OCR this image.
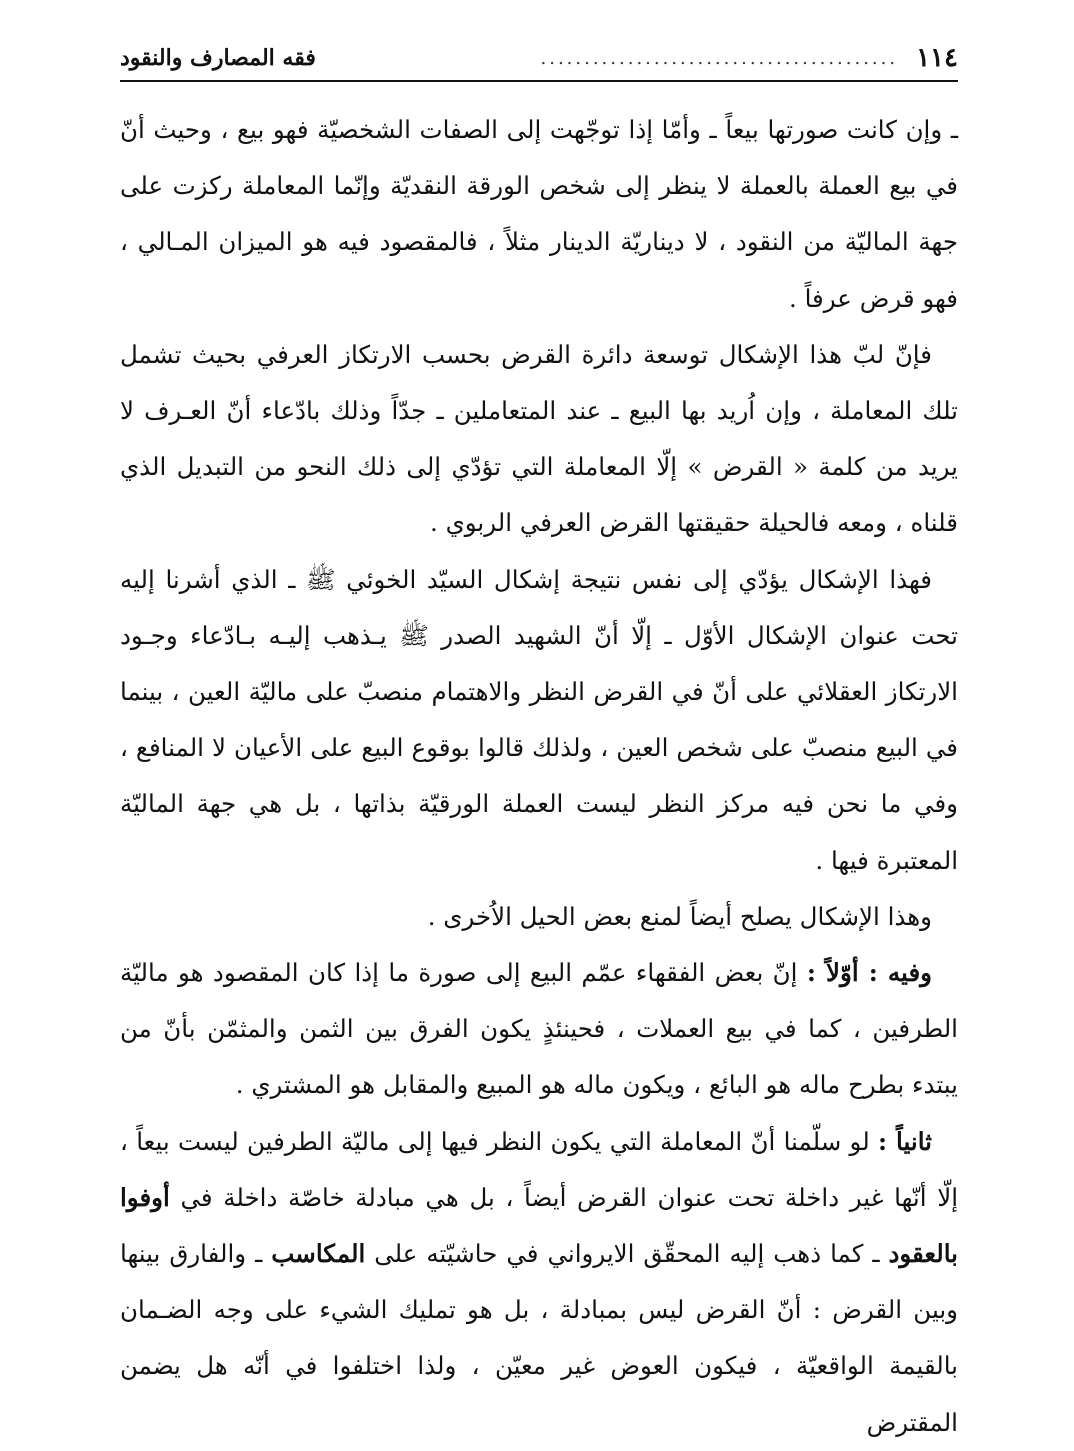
١١٤
.........................................
فقه المصارف والنقود

ـ وإن كانت صورتها بيعاً ـ وأمّا إذا توجّهت إلى الصفات الشخصيّة فهو بيع ، وحيث أنّ في بيع العملة بالعملة لا ينظر إلى شخص الورقة النقديّة وإنّما المعاملة ركزت على جهة الماليّة من النقود ، لا ديناريّة الدينار مثلاً ، فالمقصود فيه هو الميزان المـالي ، فهو قرض عرفاً .

فإنّ لبّ هذا الإشكال توسعة دائرة القرض بحسب الارتكاز العرفي بحيث تشمل تلك المعاملة ، وإن اُريد بها البيع ـ عند المتعاملين ـ جدّاً وذلك بادّعاء أنّ العـرف لا يريد من كلمة « القرض » إلّا المعاملة التي تؤدّي إلى ذلك النحو من التبديل الذي قلناه ، ومعه فالحيلة حقيقتها القرض العرفي الربوي .

فهذا الإشكال يؤدّي إلى نفس نتيجة إشكال السيّد الخوئي ﷺ ـ الذي أشرنا إليه تحت عنوان الإشكال الأوّل ـ إلّا أنّ الشهيد الصدر ﷺ يـذهب إليـه بـادّعاء وجـود الارتكاز العقلائي على أنّ في القرض النظر والاهتمام منصبّ على ماليّة العين ، بينما في البيع منصبّ على شخص العين ، ولذلك قالوا بوقوع البيع على الأعيان لا المنافع ، وفي ما نحن فيه مركز النظر ليست العملة الورقيّة بذاتها ، بل هي جهة الماليّة المعتبرة فيها .

وهذا الإشكال يصلح أيضاً لمنع بعض الحيل الاُخرى .

وفيه : أوّلاً : إنّ بعض الفقهاء عمّم البيع إلى صورة ما إذا كان المقصود هو ماليّة الطرفين ، كما في بيع العملات ، فحينئذٍ يكون الفرق بين الثمن والمثمّن بأنّ من يبتدء بطرح ماله هو البائع ، ويكون ماله هو المبيع والمقابل هو المشتري .

ثانياً : لو سلّمنا أنّ المعاملة التي يكون النظر فيها إلى ماليّة الطرفين ليست بيعاً ، إلّا أنّها غير داخلة تحت عنوان القرض أيضاً ، بل هي مبادلة خاصّة داخلة في أوفوا بالعقود ـ كما ذهب إليه المحقّق الايرواني في حاشيّته على المكاسب ـ والفارق بينها وبين القرض : أنّ القرض ليس بمبادلة ، بل هو تمليك الشيء على وجه الضـمان بالقيمة الواقعيّة ، فيكون العوض غير معيّن ، ولذا اختلفوا في أنّه هل يضمن المقترض
